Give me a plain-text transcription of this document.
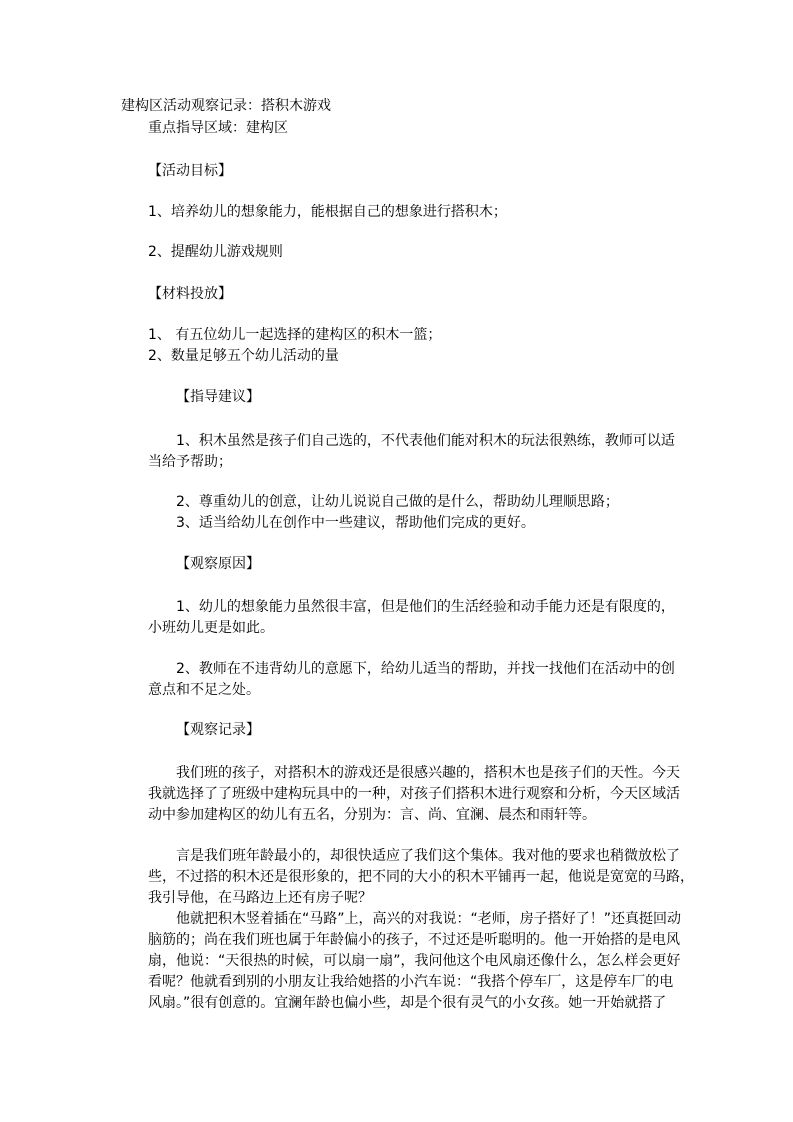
建构区活动观察记录：搭积木游戏
重点指导区域：建构区
【活动目标】
1、培养幼儿的想象能力，能根据自己的想象进行搭积木；
2、提醒幼儿游戏规则
【材料投放】
1、 有五位幼儿一起选择的建构区的积木一篮；
2、数量足够五个幼儿活动的量
【指导建议】
1、积木虽然是孩子们自己选的，不代表他们能对积木的玩法很熟练，教师可以适
当给予帮助；
2、尊重幼儿的创意，让幼儿说说自己做的是什么，帮助幼儿理顺思路；
3、适当给幼儿在创作中一些建议，帮助他们完成的更好。
【观察原因】
1、幼儿的想象能力虽然很丰富，但是他们的生活经验和动手能力还是有限度的，
小班幼儿更是如此。
2、教师在不违背幼儿的意愿下，给幼儿适当的帮助，并找一找他们在活动中的创
意点和不足之处。
【观察记录】
我们班的孩子，对搭积木的游戏还是很感兴趣的，搭积木也是孩子们的天性。今天
我就选择了了班级中建构玩具中的一种，对孩子们搭积木进行观察和分析，今天区域活
动中参加建构区的幼儿有五名，分别为：言、尚、宜澜、晨杰和雨轩等。
言是我们班年龄最小的，却很快适应了我们这个集体。我对他的要求也稍微放松了
些，不过搭的积木还是很形象的，把不同的大小的积木平铺再一起，他说是宽宽的马路，
我引导他，在马路边上还有房子呢？
他就把积木竖着插在“马路”上，高兴的对我说：“老师，房子搭好了！”还真挺回动
脑筋的；尚在我们班也属于年龄偏小的孩子，不过还是听聪明的。他一开始搭的是电风
扇，他说：“天很热的时候，可以扇一扇”，我问他这个电风扇还像什么，怎么样会更好
看呢？他就看到别的小朋友让我给她搭的小汽车说：“我搭个停车厂，这是停车厂的电
风扇。”很有创意的。宜澜年龄也偏小些，却是个很有灵气的小女孩。她一开始就搭了
